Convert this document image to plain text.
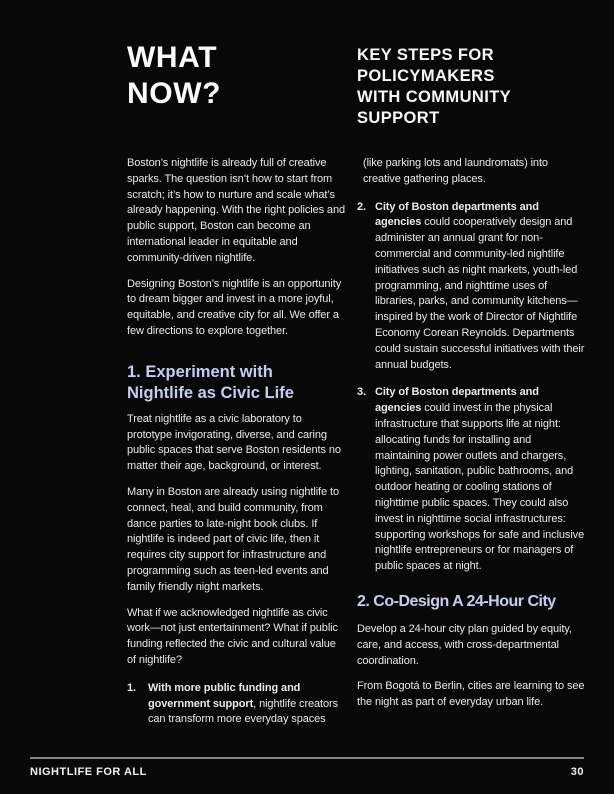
WHAT
NOW?

Boston’s nightlife is already full of creative sparks. The question isn’t how to start from scratch; it’s how to nurture and scale what’s already happening. With the right policies and public support, Boston can become an international leader in equitable and community-driven nightlife.

Designing Boston’s nightlife is an opportunity to dream bigger and invest in a more joyful, equitable, and creative city for all. We offer a few directions to explore together.

1. Experiment with
Nightlife as Civic Life

Treat nightlife as a civic laboratory to prototype invigorating, diverse, and caring public spaces that serve Boston residents no matter their age, background, or interest.

Many in Boston are already using nightlife to connect, heal, and build community, from dance parties to late-night book clubs. If nightlife is indeed part of civic life, then it requires city support for infrastructure and programming such as teen-led events and family friendly night markets.

What if we acknowledged nightlife as civic work—not just entertainment? What if public funding reflected the civic and cultural value of nightlife?

1.	With more public funding and government support, nightlife creators can transform more everyday spaces

KEY STEPS FOR
POLICYMAKERS
WITH COMMUNITY
SUPPORT

(like parking lots and laundromats) into creative gathering places.

2. City of Boston departments and agencies could cooperatively design and administer an annual grant for non-commercial and community-led nightlife initiatives such as night markets, youth-led programming, and nighttime uses of libraries, parks, and community kitchens—inspired by the work of Director of Nightlife Economy Corean Reynolds. Departments could sustain successful initiatives with their annual budgets.

3. City of Boston departments and agencies could invest in the physical infrastructure that supports life at night: allocating funds for installing and maintaining power outlets and chargers, lighting, sanitation, public bathrooms, and outdoor heating or cooling stations of nighttime public spaces. They could also invest in nighttime social infrastructures: supporting workshops for safe and inclusive nightlife entrepreneurs or for managers of public spaces at night.

2. Co-Design A 24-Hour City

Develop a 24-hour city plan guided by equity, care, and access, with cross-departmental coordination.

From Bogotá to Berlin, cities are learning to see the night as part of everyday urban life.

NIGHTLIFE FOR ALL	30
